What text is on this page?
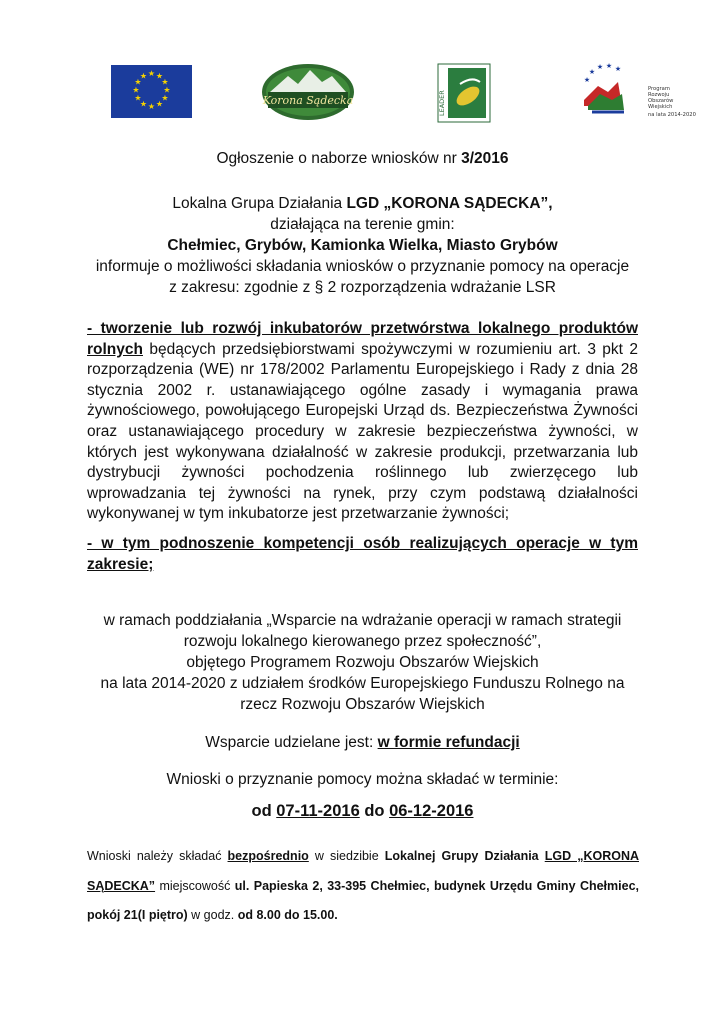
★ ★
★
★
★
★
★
★
★
★
★
★
Korona Sądecka	LEADER
★
★
★ ★ ★
Program
Rozwoju
Obszarów
Wiejskich
na lata 2014-2020
Ogłoszenie o naborze wniosków nr 3/2016
Lokalna Grupa Działania LGD „KORONA SĄDECKA”,
działająca na terenie gmin:
Chełmiec, Grybów, Kamionka Wielka, Miasto Grybów
informuje o możliwości składania wniosków o przyznanie pomocy na operacje
z zakresu: zgodnie z § 2 rozporządzenia wdrażanie LSR
- tworzenie lub rozwój inkubatorów przetwórstwa lokalnego produktów rolnych będących przedsiębiorstwami spożywczymi w rozumieniu art. 3 pkt 2 rozporządzenia (WE) nr 178/2002 Parlamentu Europejskiego i Rady z dnia 28 stycznia 2002 r. ustanawiającego ogólne zasady i wymagania prawa żywnościowego, powołującego Europejski Urząd ds. Bezpieczeństwa Żywności oraz ustanawiającego procedury w zakresie bezpieczeństwa żywności, w których jest wykonywana działalność w zakresie produkcji, przetwarzania lub dystrybucji żywności pochodzenia roślinnego lub zwierzęcego lub wprowadzania tej żywności na rynek, przy czym podstawą działalności wykonywanej w tym inkubatorze jest przetwarzanie żywności;
- w tym podnoszenie kompetencji osób realizujących operacje w tym zakresie;
w ramach poddziałania „Wsparcie na wdrażanie operacji w ramach strategii
rozwoju lokalnego kierowanego przez społeczność”,
objętego Programem Rozwoju Obszarów Wiejskich
na lata 2014-2020 z udziałem środków Europejskiego Funduszu Rolnego na
rzecz Rozwoju Obszarów Wiejskich
Wsparcie udzielane jest: w formie refundacji
Wnioski o przyznanie pomocy można składać w terminie:
od 07-11-2016 do 06-12-2016
Wnioski należy składać bezpośrednio w siedzibie Lokalnej Grupy Działania LGD „KORONA SĄDECKA” miejscowość ul. Papieska 2, 33-395 Chełmiec, budynek Urzędu Gminy Chełmiec, pokój 21(I piętro) w godz. od 8.00 do 15.00.
